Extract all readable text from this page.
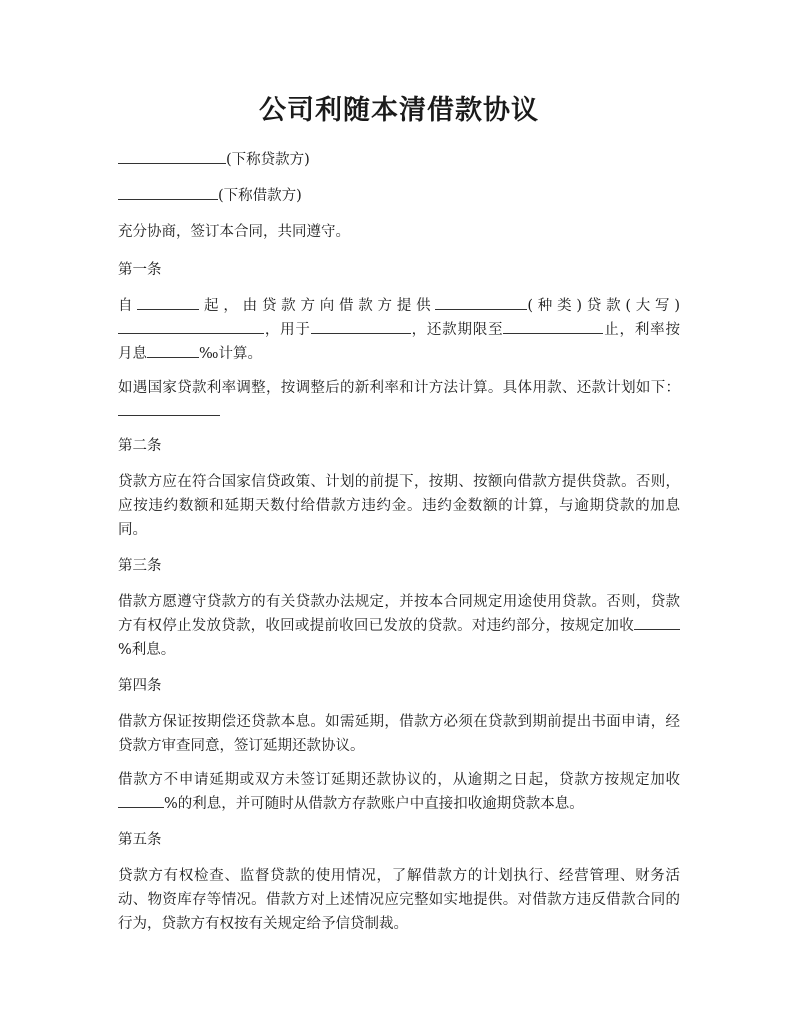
公司利随本清借款协议

(下称贷款方)

(下称借款方)

充分协商，签订本合同，共同遵守。

第一条

自	起，由贷款方向借款方提供	(种类)贷款(大写)，用于	，还款期限至	止，利率按月息	‰计算。

如遇国家贷款利率调整，按调整后的新利率和计方法计算。具体用款、还款计划如下：

第二条

贷款方应在符合国家信贷政策、计划的前提下，按期、按额向借款方提供贷款。否则，应按违约数额和延期天数付给借款方违约金。违约金数额的计算，与逾期贷款的加息同。

第三条

借款方愿遵守贷款方的有关贷款办法规定，并按本合同规定用途使用贷款。否则，贷款方有权停止发放贷款，收回或提前收回已发放的贷款。对违约部分，按规定加收%利息。

第四条

借款方保证按期偿还贷款本息。如需延期，借款方必须在贷款到期前提出书面申请，经贷款方审查同意，签订延期还款协议。

借款方不申请延期或双方未签订延期还款协议的，从逾期之日起，贷款方按规定加收%的利息，并可随时从借款方存款账户中直接扣收逾期贷款本息。

第五条

贷款方有权检查、监督贷款的使用情况，了解借款方的计划执行、经营管理、财务活动、物资库存等情况。借款方对上述情况应完整如实地提供。对借款方违反借款合同的行为，贷款方有权按有关规定给予信贷制裁。
